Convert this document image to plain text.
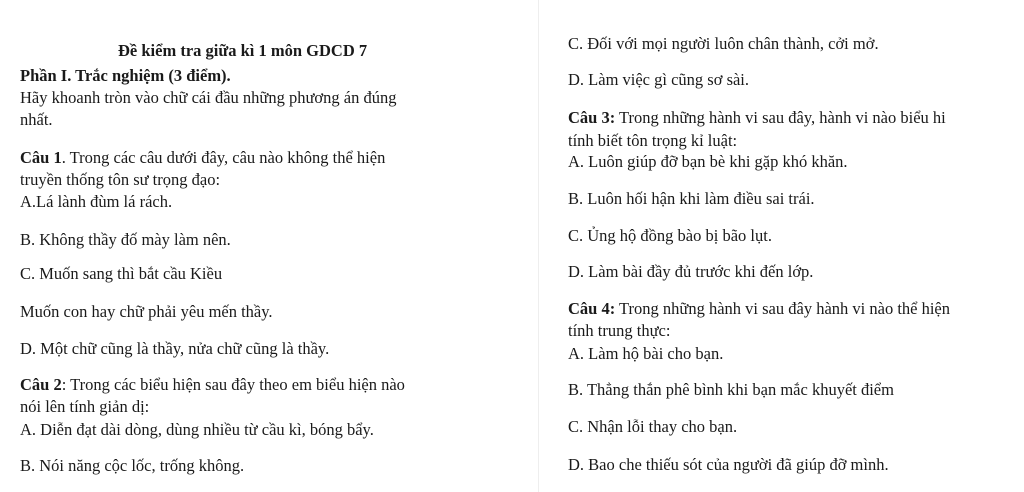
Đề kiểm tra giữa kì 1 môn GDCD 7
Phần I. Trắc nghiệm (3 điểm).
Hãy khoanh tròn vào chữ cái đầu những phương án đúng
nhất.
Câu 1. Trong các câu dưới đây, câu nào không thể hiện
truyền thống tôn sư trọng đạo:
A.Lá lành đùm lá rách.
B. Không thầy đố mày làm nên.
C. Muốn sang thì bắt cầu Kiều
Muốn con hay chữ phải yêu mến thầy.
D. Một chữ cũng là thầy, nửa chữ cũng là thầy.
Câu 2: Trong các biểu hiện sau đây theo em biểu hiện nào
nói lên tính giản dị:
A. Diễn đạt dài dòng, dùng nhiều từ cầu kì, bóng bẩy.
B. Nói năng cộc lốc, trống không.
C. Đối với mọi người luôn chân thành, cởi mở.
D. Làm việc gì cũng sơ sài.
Câu 3: Trong những hành vi sau đây, hành vi nào biểu hi
tính biết tôn trọng kỉ luật:
A. Luôn giúp đỡ bạn bè khi gặp khó khăn.
B. Luôn hối hận khi làm điều sai trái.
C. Ủng hộ đồng bào bị bão lụt.
D. Làm bài đầy đủ trước khi đến lớp.
Câu 4: Trong những hành vi sau đây hành vi nào thể hiện
tính trung thực:
A. Làm hộ bài cho bạn.
B. Thẳng thắn phê bình khi bạn mắc khuyết điểm
C. Nhận lỗi thay cho bạn.
D. Bao che thiếu sót của người đã giúp đỡ mình.
